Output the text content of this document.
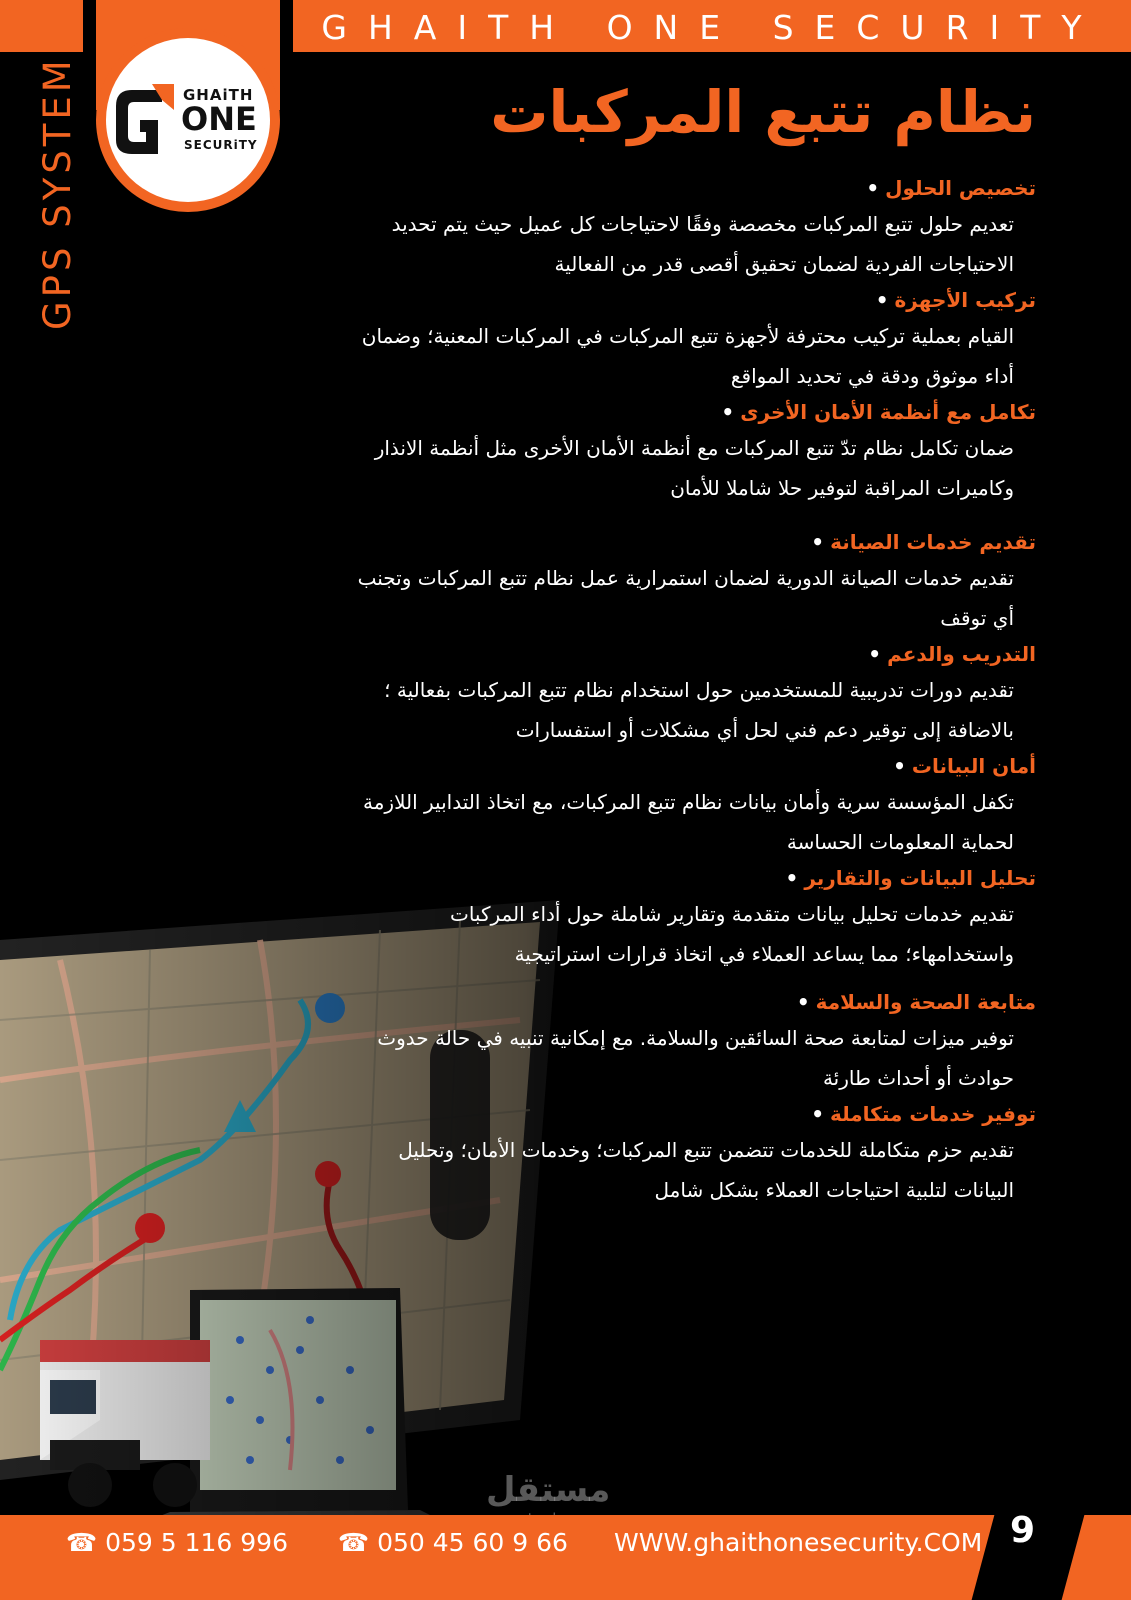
GHAITH ONE SECURITY
GHAiTH
ONE
SECURiTY
GPS SYSTEM	نظام تتبع المركبات
تخصيص الحلول •

تعديم حلول تتبع المركبات مخصصة وفقًا لاحتياجات كل عميل حيث يتم تحديد الاحتياجات الفردية لضمان تحقيق أقصى قدر من الفعالية

تركيب الأجهزة •

القيام بعملية تركيب محترفة لأجهزة تتبع المركبات في المركبات المعنية؛ وضمان أداء موثوق ودقة في تحديد المواقع

تكامل مع أنظمة الأمان الأخرى •

ضمان تكامل نظام تدّ تتبع المركبات مع أنظمة الأمان الأخرى مثل أنظمة الانذار وكاميرات المراقبة لتوفير حلا شاملا للأمان

تقديم خدمات الصيانة •

تقديم خدمات الصيانة الدورية لضمان استمرارية عمل نظام تتبع المركبات وتجنب أي توقف

التدريب والدعم •

تقديم دورات تدريبية للمستخدمين حول استخدام نظام تتبع المركبات بفعالية ؛ بالاضافة إلى توقير دعم فني لحل أي مشكلات أو استفسارات

أمان البيانات •

تكفل المؤسسة سرية وأمان بيانات نظام تتبع المركبات، مع اتخاذ التدابير اللازمة لحماية المعلومات الحساسة

تحليل البيانات والتقارير •

تقديم خدمات تحليل بيانات متقدمة وتقارير شاملة حول أداء المركبات واستخدامهاء؛ مما يساعد العملاء في اتخاذ قرارات استراتيجية

متابعة الصحة والسلامة •

توفير ميزات لمتابعة صحة السائقين والسلامة. مع إمكانية تنبيه في حالة حدوث حوادث أو أحداث طارئة

توفير خدمات متكاملة •

تقديم حزم متكاملة للخدمات تتضمن تتبع المركبات؛ وخدمات الأمان؛ وتحليل البيانات لتلبية احتياجات العملاء بشكل شامل

مستقل
☎ 059 5 116 996 ☎ 050 45 60 9 66 WWW.ghaithonesecurity.COM 9
